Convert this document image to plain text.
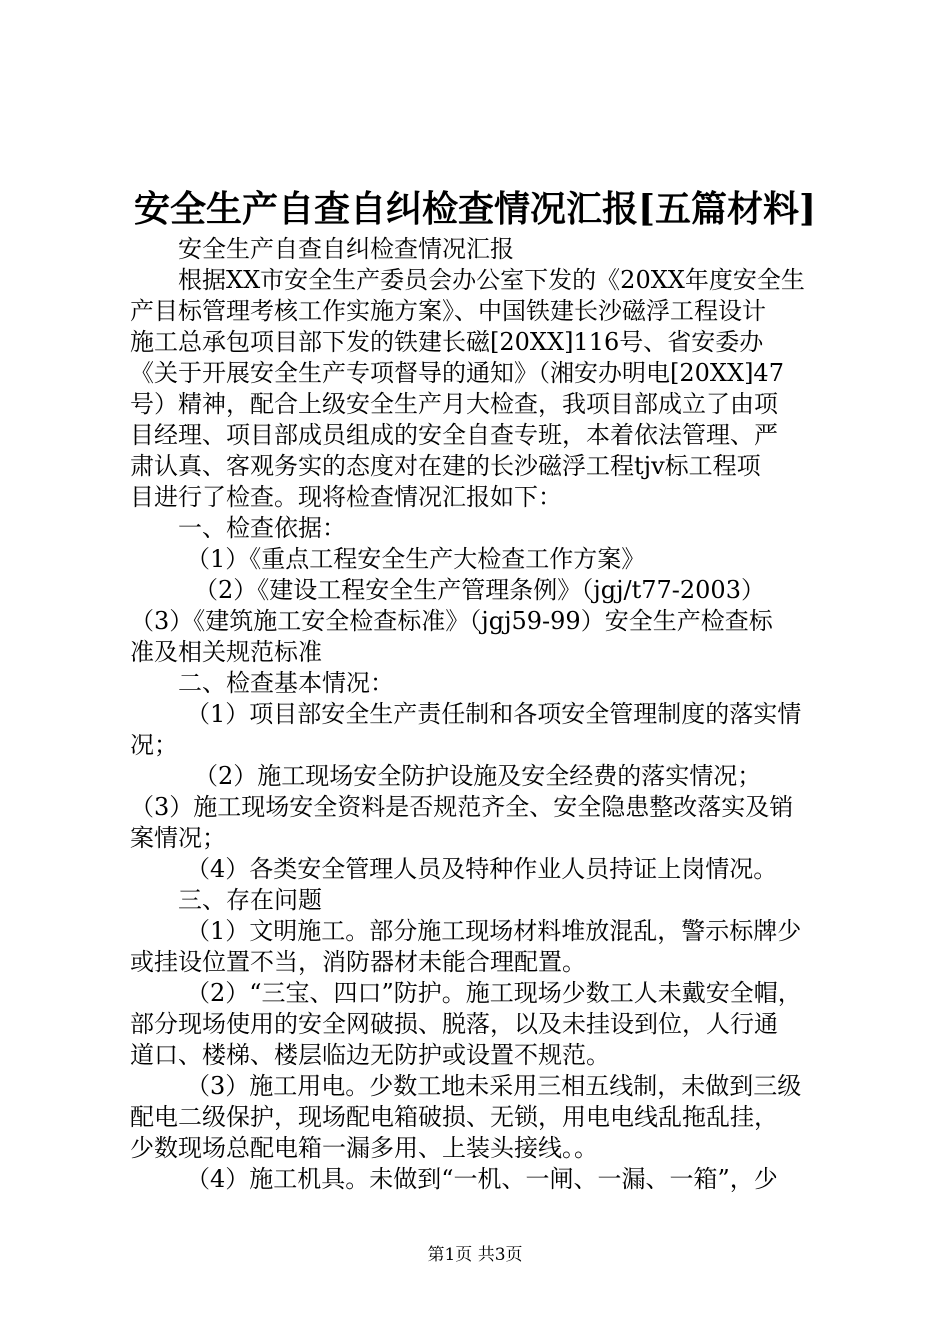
安全生产自查自纠检查情况汇报[五篇材料]
安全生产自查自纠检查情况汇报
根据XX市安全生产委员会办公室下发的《20XX年度安全生
产目标管理考核工作实施方案》、中国铁建长沙磁浮工程设计
施工总承包项目部下发的铁建长磁[20XX]116号、省安委办
《关于开展安全生产专项督导的通知》（湘安办明电[20XX]47
号）精神，配合上级安全生产月大检查，我项目部成立了由项
目经理、项目部成员组成的安全自查专班，本着依法管理、严
肃认真、客观务实的态度对在建的长沙磁浮工程tjv标工程项
目进行了检查。现将检查情况汇报如下：
一、检查依据：
（1）《重点工程安全生产大检查工作方案》
（2）《建设工程安全生产管理条例》（jgj/t77-2003）
（3）《建筑施工安全检查标准》（jgj59-99）安全生产检查标
准及相关规范标准
二、检查基本情况：
（1）项目部安全生产责任制和各项安全管理制度的落实情
况；
（2）施工现场安全防护设施及安全经费的落实情况；
（3）施工现场安全资料是否规范齐全、安全隐患整改落实及销
案情况；
（4）各类安全管理人员及特种作业人员持证上岗情况。
三、存在问题
（1）文明施工。部分施工现场材料堆放混乱，警示标牌少
或挂设位置不当，消防器材未能合理配置。
（2）“三宝、四口”防护。施工现场少数工人未戴安全帽，
部分现场使用的安全网破损、脱落，以及未挂设到位，人行通
道口、楼梯、楼层临边无防护或设置不规范。
（3）施工用电。少数工地未采用三相五线制，未做到三级
配电二级保护，现场配电箱破损、无锁，用电电线乱拖乱挂，
少数现场总配电箱一漏多用、上装头接线。。
（4）施工机具。未做到“一机、一闸、一漏、一箱”，少
第1页 共3页
